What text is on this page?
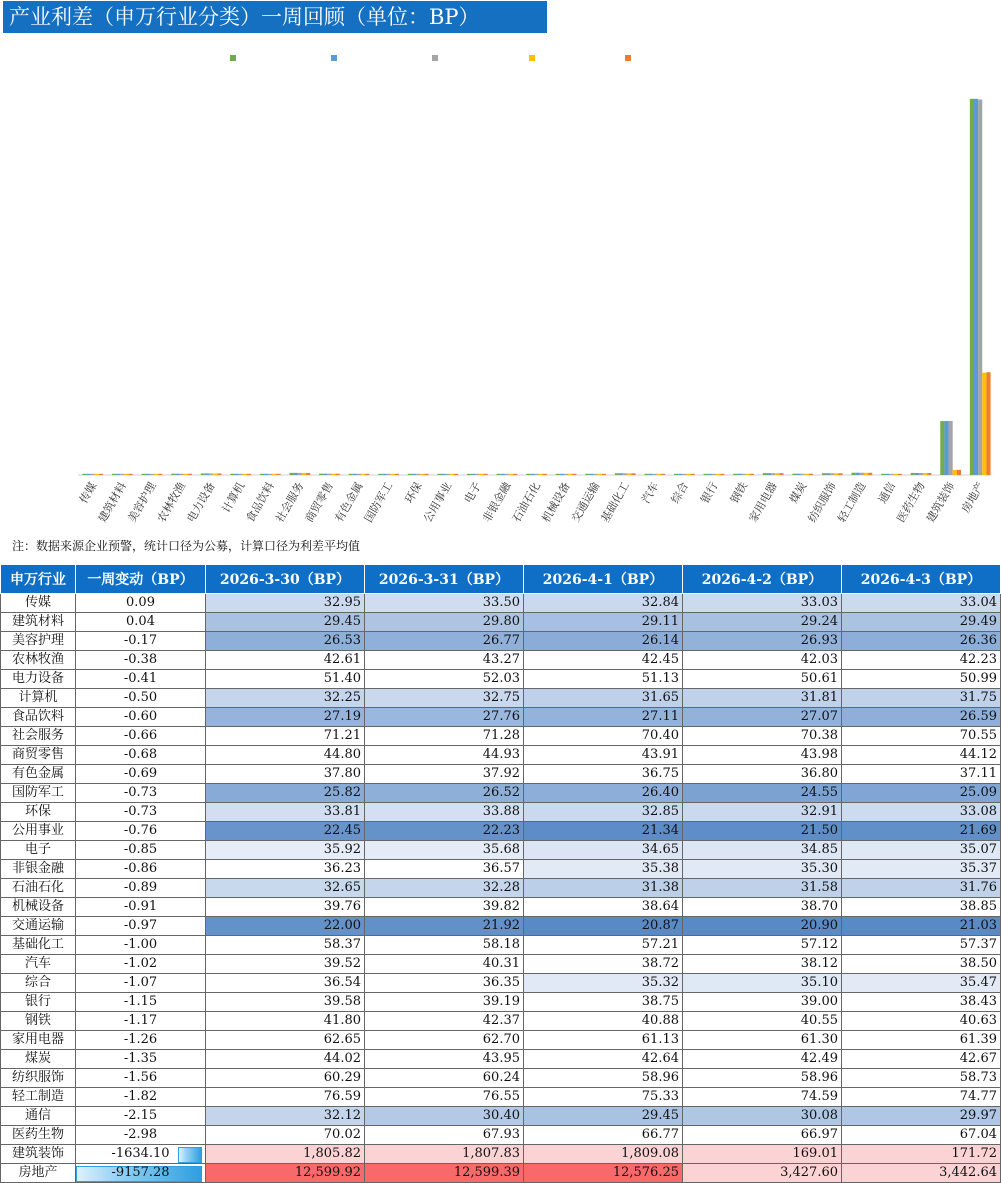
产业利差（申万行业分类）一周回顾（单位：BP）
传媒
建筑材料
美容护理
农林牧渔
电力设备 计算机
食品饮料
社会服务
商贸零售
有色金属
国防军工 环保
公用事业 电子
非银金融
石油石化
机械设备
交通运输
基础化工 汽车 综合 银行 钢铁
家用电器 煤炭
纺织服饰
轻工制造 通信
医药生物
建筑装饰 房地产
注：数据来源企业预警，统计口径为公募，计算口径为利差平均值
申万行业	一周变动（BP）	2026-3-30（BP）	2026-3-31（BP）	2026-4-1（BP）	2026-4-2（BP）	2026-4-3（BP）
传媒	0.09	32.95	33.50	32.84	33.03	33.04
建筑材料	0.04	29.45	29.80	29.11	29.24	29.49
美容护理	-0.17	26.53	26.77	26.14	26.93	26.36
农林牧渔	-0.38	42.61	43.27	42.45	42.03	42.23
电力设备	-0.41	51.40	52.03	51.13	50.61	50.99
计算机	-0.50	32.25	32.75	31.65	31.81	31.75
食品饮料	-0.60	27.19	27.76	27.11	27.07	26.59
社会服务	-0.66	71.21	71.28	70.40	70.38	70.55
商贸零售	-0.68	44.80	44.93	43.91	43.98	44.12
有色金属	-0.69	37.80	37.92	36.75	36.80	37.11
国防军工	-0.73	25.82	26.52	26.40	24.55	25.09
环保	-0.73	33.81	33.88	32.85	32.91	33.08
公用事业	-0.76	22.45	22.23	21.34	21.50	21.69
电子	-0.85	35.92	35.68	34.65	34.85	35.07
非银金融	-0.86	36.23	36.57	35.38	35.30	35.37
石油石化	-0.89	32.65	32.28	31.38	31.58	31.76
机械设备	-0.91	39.76	39.82	38.64	38.70	38.85
交通运输	-0.97	22.00	21.92	20.87	20.90	21.03
基础化工	-1.00	58.37	58.18	57.21	57.12	57.37
汽车	-1.02	39.52	40.31	38.72	38.12	38.50
综合	-1.07	36.54	36.35	35.32	35.10	35.47
银行	-1.15	39.58	39.19	38.75	39.00	38.43
钢铁	-1.17	41.80	42.37	40.88	40.55	40.63
家用电器	-1.26	62.65	62.70	61.13	61.30	61.39
煤炭	-1.35	44.02	43.95	42.64	42.49	42.67
纺织服饰	-1.56	60.29	60.24	58.96	58.96	58.73
轻工制造	-1.82	76.59	76.55	75.33	74.59	74.77
通信	-2.15	32.12	30.40	29.45	30.08	29.97
医药生物	-2.98	70.02	67.93	66.77	66.97	67.04
建筑装饰	-1634.10	1,805.82	1,807.83	1,809.08	169.01	171.72
房地产	-9157.28	12,599.92	12,599.39	12,576.25	3,427.60	3,442.64
